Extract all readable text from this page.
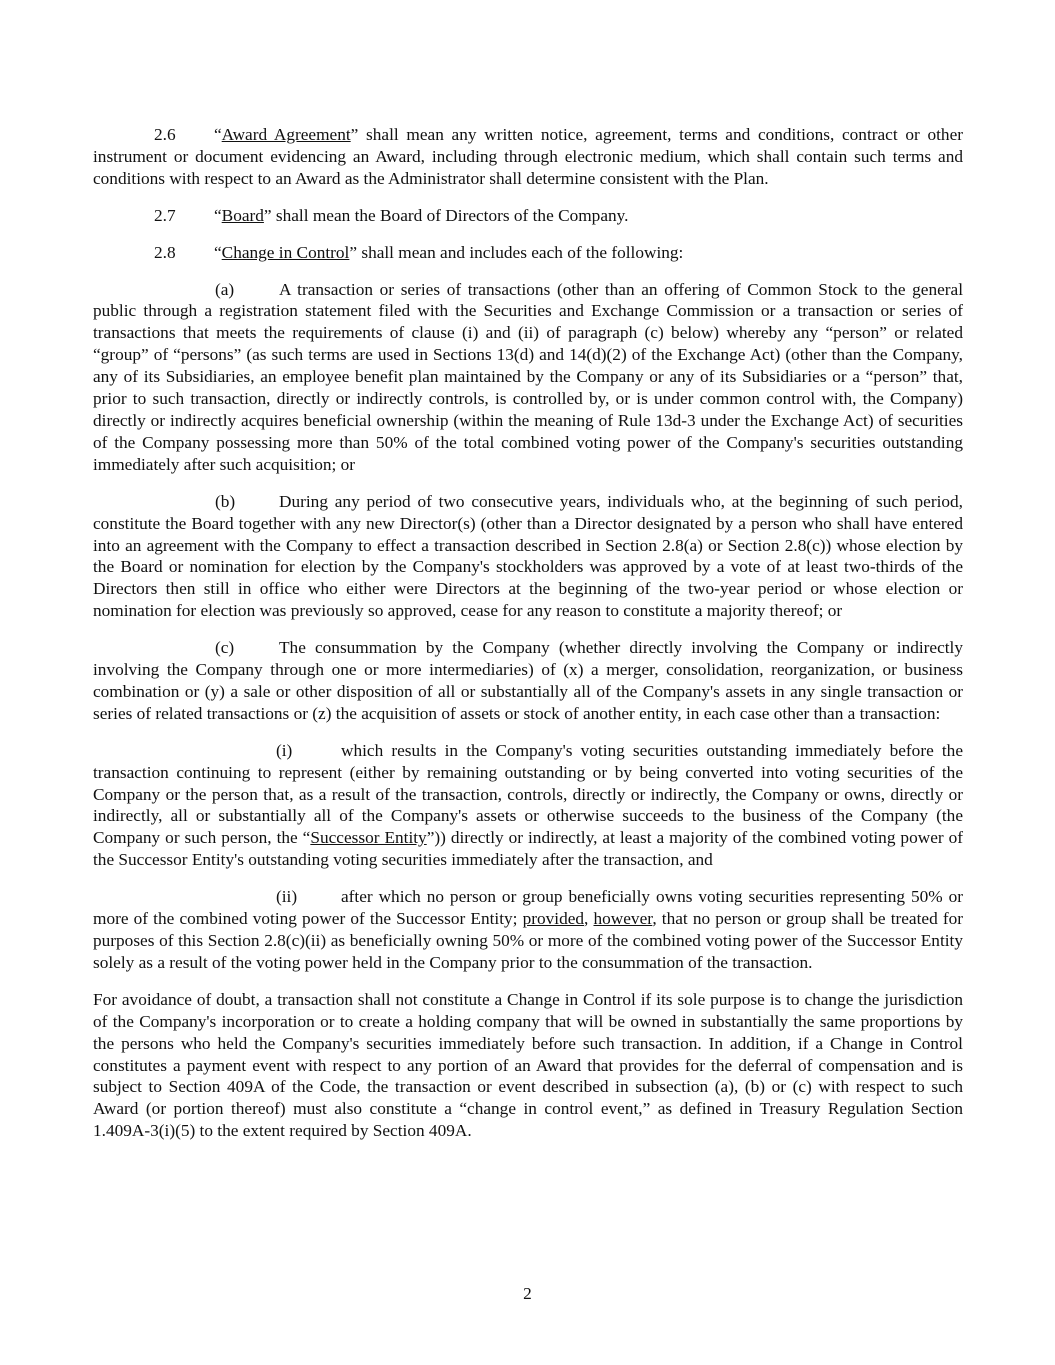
2.6 “Award Agreement” shall mean any written notice, agreement, terms and conditions, contract or other instrument or document evidencing an Award, including through electronic medium, which shall contain such terms and conditions with respect to an Award as the Administrator shall determine consistent with the Plan.

2.7 “Board” shall mean the Board of Directors of the Company.

2.8 “Change in Control” shall mean and includes each of the following:

(a)	A transaction or series of transactions (other than an offering of Common Stock to the general public through a registration statement filed with the Securities and Exchange Commission or a transaction or series of transactions that meets the requirements of clause (i) and (ii) of paragraph (c) below) whereby any “person” or related “group” of “persons” (as such terms are used in Sections 13(d) and 14(d)(2) of the Exchange Act) (other than the Company, any of its Subsidiaries, an employee benefit plan maintained by the Company or any of its Subsidiaries or a “person” that, prior to such transaction, directly or indirectly controls, is controlled by, or is under common control with, the Company) directly or indirectly acquires beneficial ownership (within the meaning of Rule 13d-3 under the Exchange Act) of securities of the Company possessing more than 50% of the total combined voting power of the Company's securities outstanding immediately after such acquisition; or

(b)	During any period of two consecutive years, individuals who, at the beginning of such period, constitute the Board together with any new Director(s) (other than a Director designated by a person who shall have entered into an agreement with the Company to effect a transaction described in Section 2.8(a) or Section 2.8(c)) whose election by the Board or nomination for election by the Company's stockholders was approved by a vote of at least two-thirds of the Directors then still in office who either were Directors at the beginning of the two-year period or whose election or nomination for election was previously so approved, cease for any reason to constitute a majority thereof; or

(c)	The consummation by the Company (whether directly involving the Company or indirectly involving the Company through one or more intermediaries) of (x) a merger, consolidation, reorganization, or business combination or (y) a sale or other disposition of all or substantially all of the Company's assets in any single transaction or series of related transactions or (z) the acquisition of assets or stock of another entity, in each case other than a transaction:

(i)	which results in the Company's voting securities outstanding immediately before the transaction continuing to represent (either by remaining outstanding or by being converted into voting securities of the Company or the person that, as a result of the transaction, controls, directly or indirectly, the Company or owns, directly or indirectly, all or substantially all of the Company's assets or otherwise succeeds to the business of the Company (the Company or such person, the “Successor Entity”)) directly or indirectly, at least a majority of the combined voting power of the Successor Entity's outstanding voting securities immediately after the transaction, and

(ii)	after which no person or group beneficially owns voting securities representing 50% or more of the combined voting power of the Successor Entity; provided, however, that no person or group shall be treated for purposes of this Section 2.8(c)(ii) as beneficially owning 50% or more of the combined voting power of the Successor Entity solely as a result of the voting power held in the Company prior to the consummation of the transaction.

For avoidance of doubt, a transaction shall not constitute a Change in Control if its sole purpose is to change the jurisdiction of the Company's incorporation or to create a holding company that will be owned in substantially the same proportions by the persons who held the Company's securities immediately before such transaction. In addition, if a Change in Control constitutes a payment event with respect to any portion of an Award that provides for the deferral of compensation and is subject to Section 409A of the Code, the transaction or event described in subsection (a), (b) or (c) with respect to such Award (or portion thereof) must also constitute a “change in control event,” as defined in Treasury Regulation Section 1.409A-3(i)(5) to the extent required by Section 409A.

2
